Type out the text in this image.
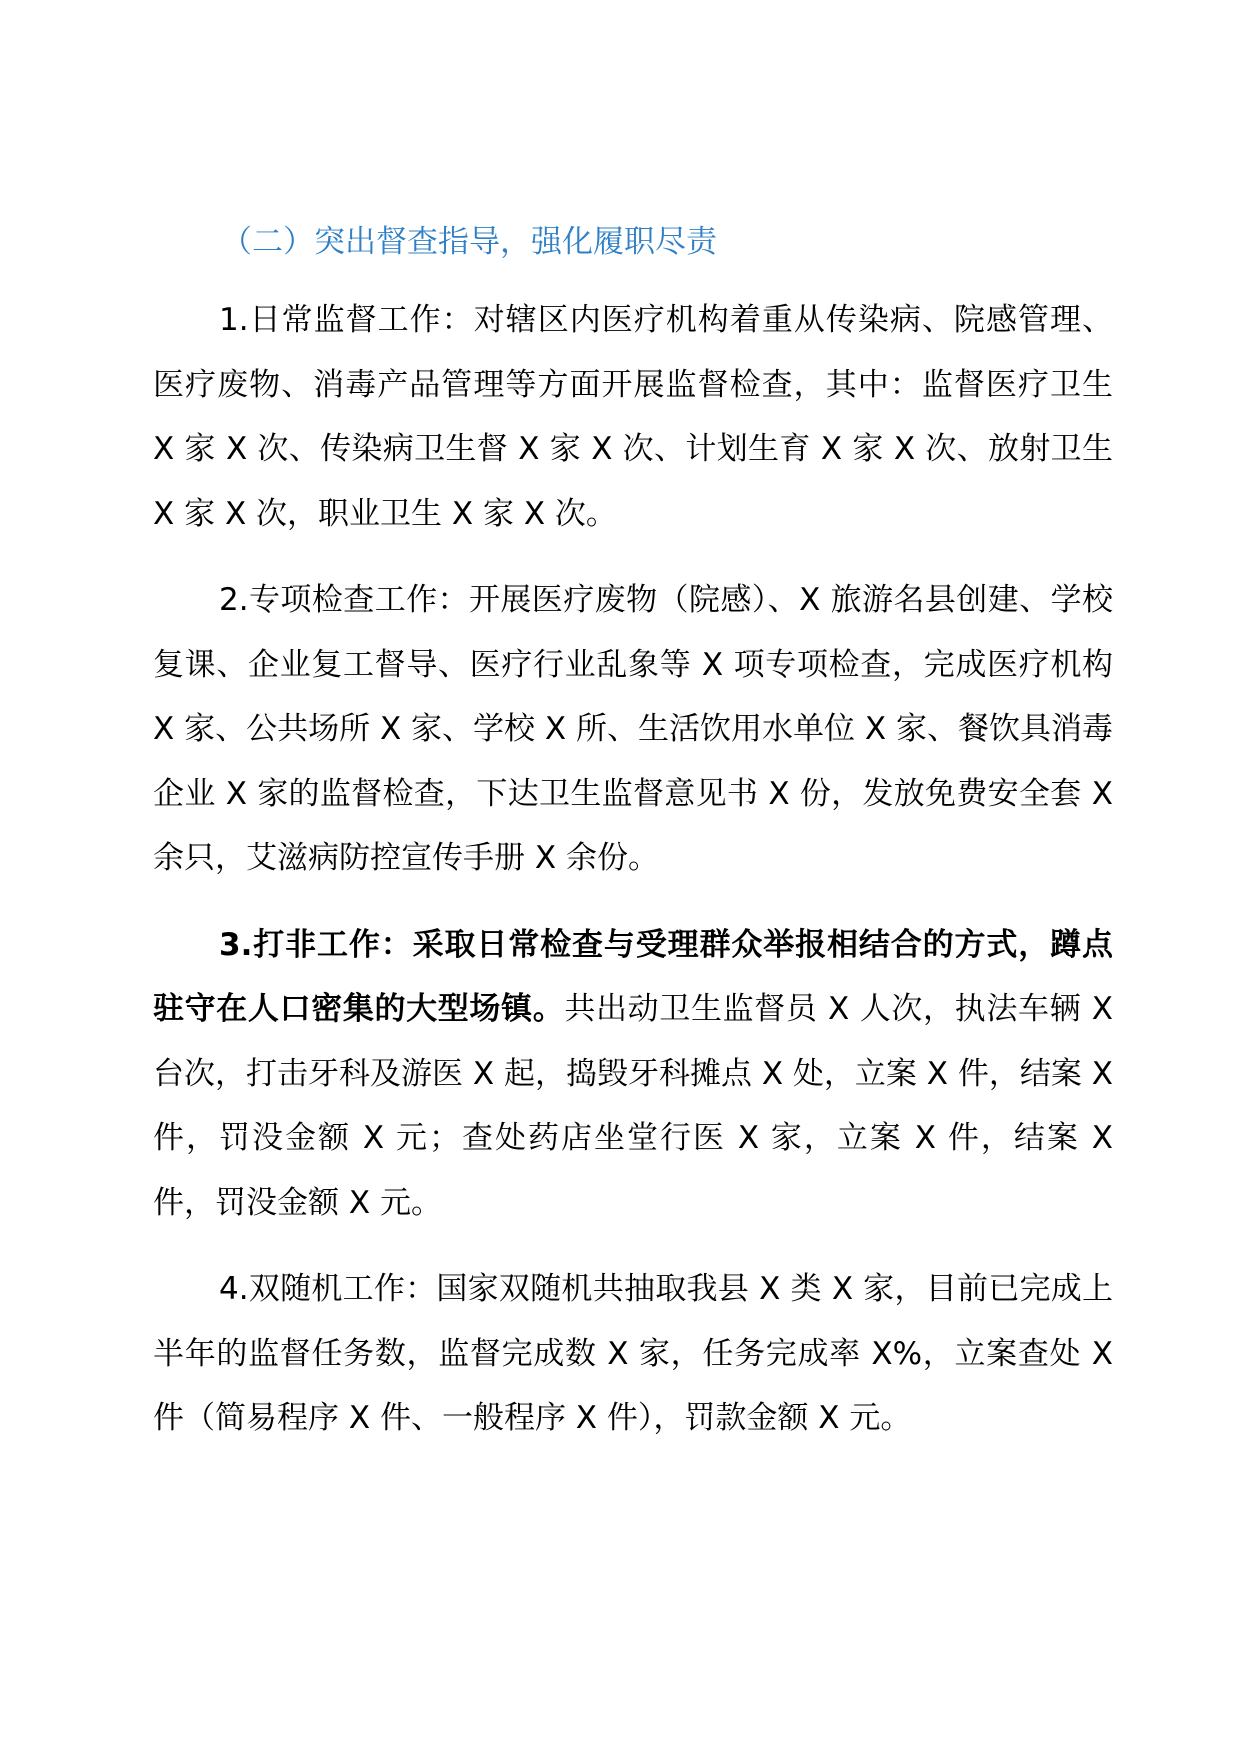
（二）突出督查指导，强化履职尽责

1.日常监督工作：对辖区内医疗机构着重从传染病、院感管理、医疗废物、消毒产品管理等方面开展监督检查，其中：监督医疗卫生 X 家 X 次、传染病卫生督 X 家 X 次、计划生育 X 家 X 次、放射卫生 X 家 X 次，职业卫生 X 家 X 次。

2.专项检查工作：开展医疗废物（院感）、X 旅游名县创建、学校复课、企业复工督导、医疗行业乱象等 X 项专项检查，完成医疗机构 X 家、公共场所 X 家、学校 X 所、生活饮用水单位 X 家、餐饮具消毒企业 X 家的监督检查，下达卫生监督意见书 X 份，发放免费安全套 X 余只，艾滋病防控宣传手册 X 余份。

3.打非工作：采取日常检查与受理群众举报相结合的方式，蹲点驻守在人口密集的大型场镇。共出动卫生监督员 X 人次，执法车辆 X 台次，打击牙科及游医 X 起，捣毁牙科摊点 X 处，立案 X 件，结案 X 件，罚没金额 X 元；查处药店坐堂行医 X 家，立案 X 件，结案 X 件，罚没金额 X 元。

4.双随机工作：国家双随机共抽取我县 X 类 X 家，目前已完成上半年的监督任务数，监督完成数 X 家，任务完成率 X%，立案查处 X 件（简易程序 X 件、一般程序 X 件），罚款金额 X 元。
